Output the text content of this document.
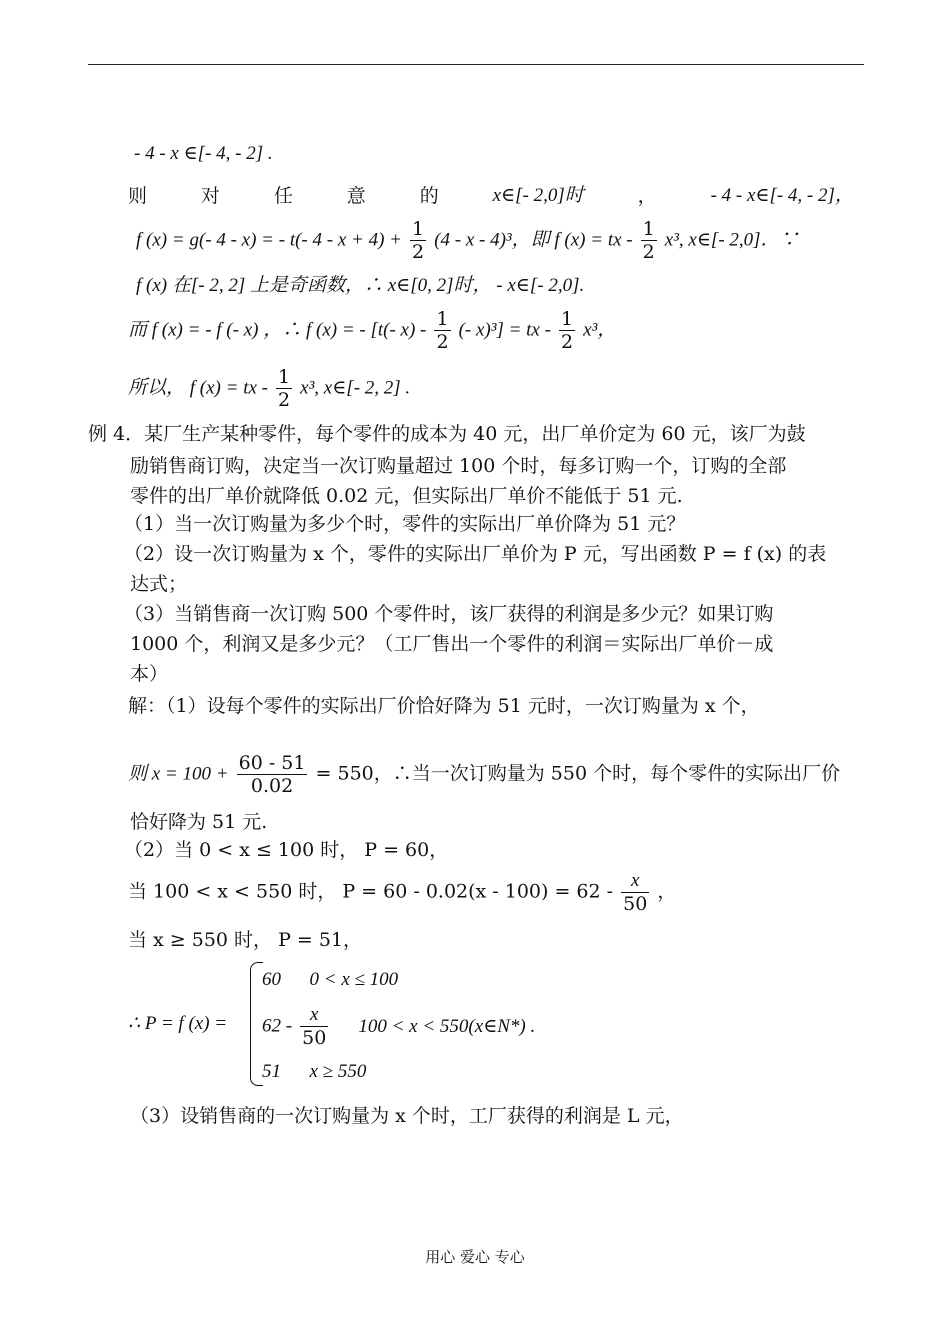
- 4 - x ∈[- 4, - 2] .
则	对	任	意	的	x∈[- 2,0]时	，	- 4 - x∈[- 4, - 2]，
f (x) = g(- 4 - x) = - t(- $4 - x + 4) + \frac{1}{2} (4 - x - 4)^3$，即 f (x) = tx - $\frac{1}{2} x^3$, x∈[- 2,0]．∵
f (x) 在[- 2, 2] 上是奇函数，∴ x∈[0, 2]时， - x∈[- 2,0].
而 f (x) = - f (- x) ，∴ f (x) = - [t(- $x) - \frac{1}{2}$ (- x)³] = tx - $\frac{1}{2} x^3$，
所以， f (x) = tx - $\frac{1}{2} x^3$, x∈[- 2, 2] .
例 4．某厂生产某种零件，每个零件的成本为 40 元，出厂单价定为 60 元，该厂为鼓
励销售商订购，决定当一次订购量超过 100 个时，每多订购一个，订购的全部
零件的出厂单价就降低 0.02 元，但实际出厂单价不能低于 51 元.
（1）当一次订购量为多少个时，零件的实际出厂单价降为 51 元？
（2）设一次订购量为 x 个，零件的实际出厂单价为 P 元，写出函数 P = f (x) 的表
达式；
（3）当销售商一次订购 500 个零件时，该厂获得的利润是多少元？如果订购
1000 个，利润又是多少元？（工厂售出一个零件的利润＝实际出厂单价－成
本）
解：（1）设每个零件的实际出厂价恰好降为 51 元时，一次订购量为 x 个，
则 $x = 100 + \frac{60 - 51}{0.02} = 550$，∴当一次订购量为 550 个时，每个零件的实际出厂价
恰好降为 51 元.
（2）当 0 < x ≤ 100 时， P = 60，
当 100 < x < 550 时， $P = 60 - 0.02(x - 100) = 62 - \frac{x}{50}$ ，
当 x ≥ 550 时， P = 51，
∴ P = f (x) =
60      0 < x ≤ 100
$62 - \frac{x}{50} 100 < x$ < 550(x∈N*) .
51      x ≥ 550
（3）设销售商的一次订购量为 x 个时，工厂获得的利润是 L 元，
用心 爱心 专心
